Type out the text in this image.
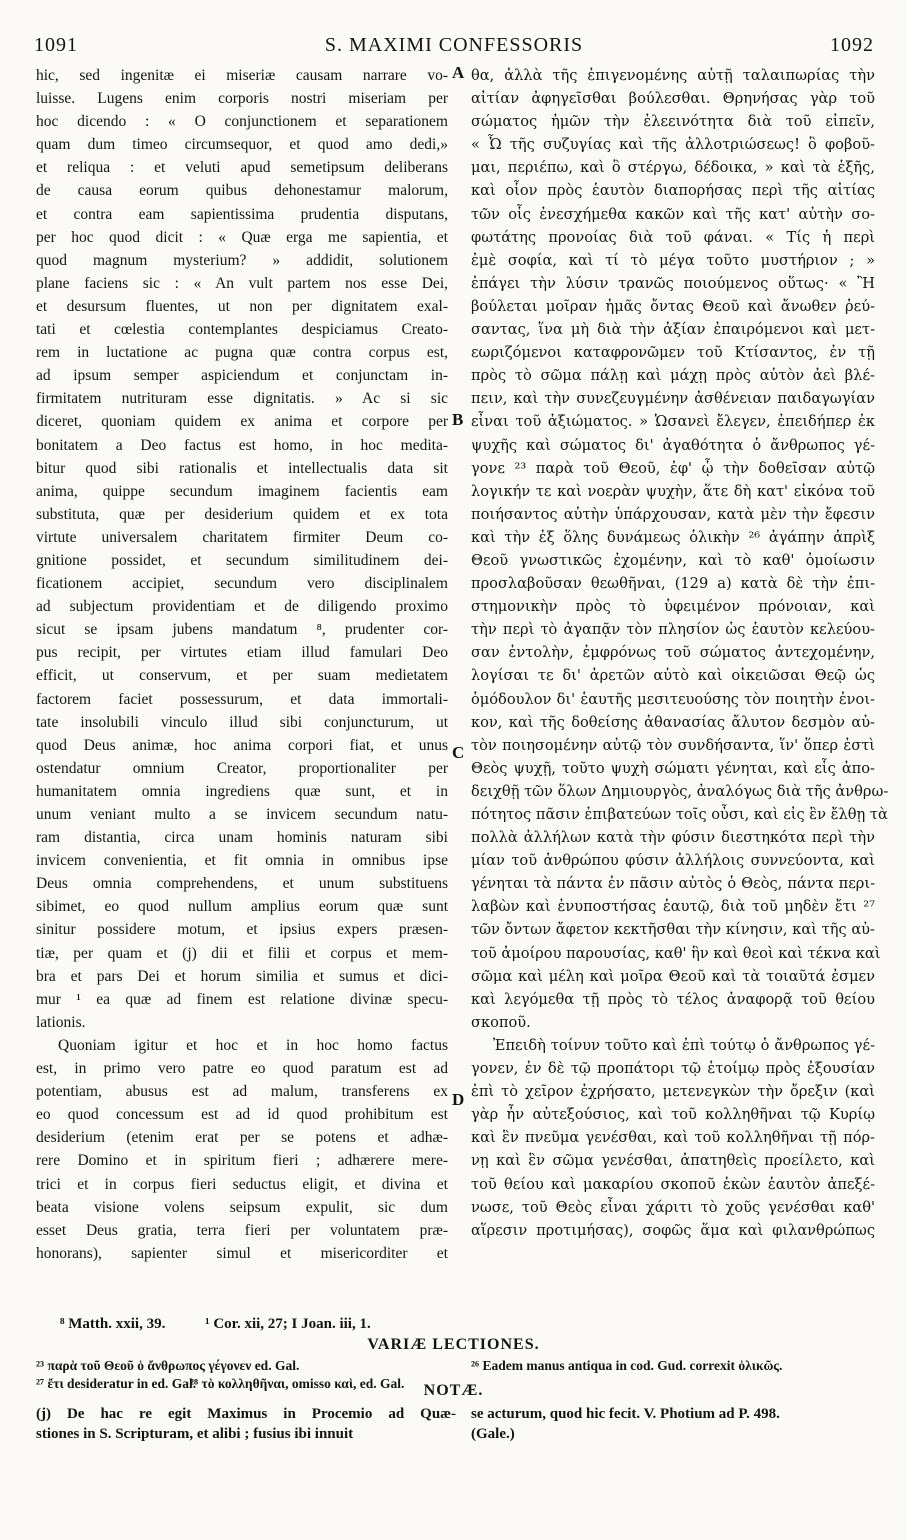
1091	S. MAXIMI CONFESSORIS	1092
hic, sed ingenitæ ei miseriæ causam narrare vo-
luisse. Lugens enim corporis nostri miseriam per
hoc dicendo : « O conjunctionem et separationem
quam dum timeo circumsequor, et quod amo dedi,»
et reliqua : et veluti apud semetipsum deliberans
de causa eorum quibus dehonestamur malorum,
et contra eam sapientissima prudentia disputans,
per hoc quod dicit : « Quæ erga me sapientia, et
quod magnum mysterium? » addidit, solutionem
plane faciens sic : « An vult partem nos esse Dei,
et desursum fluentes, ut non per dignitatem exal-
tati et cœlestia contemplantes despiciamus Creato-
rem in luctatione ac pugna quæ contra corpus est,
ad ipsum semper aspiciendum et conjunctam in-
firmitatem nutrituram esse dignitatis. » Ac si sic
diceret, quoniam quidem ex anima et corpore per
bonitatem a Deo factus est homo, in hoc medita-
bitur quod sibi rationalis et intellectualis data sit
anima, quippe secundum imaginem facientis eam
substituta, quæ per desiderium quidem et ex tota
virtute universalem charitatem firmiter Deum co-
gnitione possidet, et secundum similitudinem dei-
ficationem accipiet, secundum vero disciplinalem
ad subjectum providentiam et de diligendo proximo
sicut se ipsam jubens mandatum ⁸, prudenter cor-
pus recipit, per virtutes etiam illud famulari Deo
efficit, ut conservum, et per suam medietatem
factorem faciet possessurum, et data immortali-
tate insolubili vinculo illud sibi conjuncturum, ut
quod Deus animæ, hoc anima corpori fiat, et unus
ostendatur omnium Creator, proportionaliter per
humanitatem omnia ingrediens quæ sunt, et in
unum veniant multo a se invicem secundum natu-
ram distantia, circa unam hominis naturam sibi
invicem convenientia, et fit omnia in omnibus ipse
Deus omnia comprehendens, et unum substituens
sibimet, eo quod nullum amplius eorum quæ sunt
sinitur possidere motum, et ipsius expers præsen-
tiæ, per quam et (j) dii et filii et corpus et mem-
bra et pars Dei et horum similia et sumus et dici-
mur ¹ ea quæ ad finem est relatione divinæ specu-
lationis.
Quoniam igitur et hoc et in hoc homo factus
est, in primo vero patre eo quod paratum est ad
potentiam, abusus est ad malum, transferens ex
eo quod concessum est ad id quod prohibitum est
desiderium (etenim erat per se potens et adhæ-
rere Domino et in spiritum fieri ; adhærere mere-
trici et in corpus fieri seductus eligit, et divina et
beata visione volens seipsum expulit, sic dum
esset Deus gratia, terra fieri per voluntatem præ-
honorans), sapienter simul et misericorditer et
θα, ἀλλὰ τῆς ἐπιγενομένης αὐτῇ ταλαιπωρίας τὴν
αἰτίαν ἀφηγεῖσθαι βούλεσθαι. Θρηνήσας γὰρ τοῦ
σώματος ἡμῶν τὴν ἐλεεινότητα διὰ τοῦ εἰπεῖν,
« Ὦ τῆς συζυγίας καὶ τῆς ἀλλοτριώσεως! ὃ φοβοῦ-
μαι, περιέπω, καὶ ὃ στέργω, δέδοικα, » καὶ τὰ ἑξῆς,
καὶ οἷον πρὸς ἑαυτὸν διαπορήσας περὶ τῆς αἰτίας
τῶν οἷς ἐνεσχήμεθα κακῶν καὶ τῆς κατ' αὐτὴν σο-
φωτάτης προνοίας διὰ τοῦ φάναι. « Τίς ἡ περὶ
ἐμὲ σοφία, καὶ τί τὸ μέγα τοῦτο μυστήριον ; »
ἐπάγει τὴν λύσιν τρανῶς ποιούμενος οὕτως· « Ἢ
βούλεται μοῖραν ἡμᾶς ὄντας Θεοῦ καὶ ἄνωθεν ῥεύ-
σαντας, ἵνα μὴ διὰ τὴν ἀξίαν ἐπαιρόμενοι καὶ μετ-
εωριζόμενοι καταφρονῶμεν τοῦ Κτίσαντος, ἐν τῇ
πρὸς τὸ σῶμα πάλῃ καὶ μάχῃ πρὸς αὐτὸν ἀεὶ βλέ-
πειν, καὶ τὴν συνεζευγμένην ἀσθένειαν παιδαγωγίαν
εἶναι τοῦ ἀξιώματος. » Ὡσανεὶ ἔλεγεν, ἐπειδήπερ ἐκ
ψυχῆς καὶ σώματος δι' ἀγαθότητα ὁ ἄνθρωπος γέ-
γονε ²³ παρὰ τοῦ Θεοῦ, ἐφ' ᾧ τὴν δοθεῖσαν αὐτῷ
λογικήν τε καὶ νοερὰν ψυχὴν, ἅτε δὴ κατ' εἰκόνα τοῦ
ποιήσαντος αὐτὴν ὑπάρχουσαν, κατὰ μὲν τὴν ἔφεσιν
καὶ τὴν ἐξ ὅλης δυνάμεως ὁλικὴν ²⁶ ἀγάπην ἀπρὶξ
Θεοῦ γνωστικῶς ἐχομένην, καὶ τὸ καθ' ὁμοίωσιν
προσλαβοῦσαν θεωθῆναι, (129 a) κατὰ δὲ τὴν ἐπι-
στημονικὴν πρὸς τὸ ὑφειμένον πρόνοιαν, καὶ
τὴν περὶ τὸ ἀγαπᾷν τὸν πλησίον ὡς ἑαυτὸν κελεύου-
σαν ἐντολὴν, ἐμφρόνως τοῦ σώματος ἀντεχομένην,
λογίσαι τε δι' ἀρετῶν αὐτὸ καὶ οἰκειῶσαι Θεῷ ὡς
ὁμόδουλον δι' ἑαυτῆς μεσιτευούσης τὸν ποιητὴν ἐνοι-
κον, καὶ τῆς δοθείσης ἀθανασίας ἄλυτον δεσμὸν αὐ-
τὸν ποιησομένην αὐτῷ τὸν συνδήσαντα, ἵν' ὅπερ ἐστὶ
Θεὸς ψυχῇ, τοῦτο ψυχὴ σώματι γένηται, καὶ εἷς ἀπο-
δειχθῇ τῶν ὅλων Δημιουργὸς, ἀναλόγως διὰ τῆς ἀνθρω-
πότητος πᾶσιν ἐπιβατεύων τοῖς οὖσι, καὶ εἰς ἓν ἔλθῃ τὰ
πολλὰ ἀλλήλων κατὰ τὴν φύσιν διεστηκότα περὶ τὴν
μίαν τοῦ ἀνθρώπου φύσιν ἀλλήλοις συννεύοντα, καὶ
γένηται τὰ πάντα ἐν πᾶσιν αὐτὸς ὁ Θεὸς, πάντα περι-
λαβὼν καὶ ἐνυποστήσας ἑαυτῷ, διὰ τοῦ μηδὲν ἔτι ²⁷
τῶν ὄντων ἄφετον κεκτῆσθαι τὴν κίνησιν, καὶ τῆς αὐ-
τοῦ ἀμοίρου παρουσίας, καθ' ἣν καὶ θεοὶ καὶ τέκνα καὶ
σῶμα καὶ μέλη καὶ μοῖρα Θεοῦ καὶ τὰ τοιαῦτά ἐσμεν
καὶ λεγόμεθα τῇ πρὸς τὸ τέλος ἀναφορᾷ τοῦ θείου
σκοποῦ.
Ἐπειδὴ τοίνυν τοῦτο καὶ ἐπὶ τούτῳ ὁ ἄνθρωπος γέ-
γονεν, ἐν δὲ τῷ προπάτορι τῷ ἑτοίμῳ πρὸς ἐξουσίαν
ἐπὶ τὸ χεῖρον ἐχρήσατο, μετενεγκὼν τὴν ὄρεξιν (καὶ
γὰρ ἦν αὐτεξούσιος, καὶ τοῦ κολληθῆναι τῷ Κυρίῳ
καὶ ἓν πνεῦμα γενέσθαι, καὶ τοῦ κολληθῆναι τῇ πόρ-
νῃ καὶ ἓν σῶμα γενέσθαι, ἀπατηθεὶς προείλετο, καὶ
τοῦ θείου καὶ μακαρίου σκοποῦ ἑκὼν ἑαυτὸν ἀπεξέ-
νωσε, τοῦ Θεὸς εἶναι χάριτι τὸ χοῦς γενέσθαι καθ'
αἵρεσιν προτιμήσας), σοφῶς ἅμα καὶ φιλανθρώπως
A
B
C
D
⁸ Matth. xxii, 39.	¹ Cor. xii, 27; I Joan. iii, 1.
VARIÆ LECTIONES.
²³ παρὰ τοῦ Θεοῦ ὁ ἄνθρωπος γέγονεν ed. Gal.	²⁶ Eadem manus antiqua in cod. Gud. correxit ὁλικῶς.
²⁷ ἔτι desideratur in ed. Gal.
²⁸ τὸ κολληθῆναι, omisso καὶ, ed. Gal.	NOTÆ.
(j) De hac re egit Maximus in Procemio ad Quæ-
stiones in S. Scripturam, et alibi ; fusius ibi innuit
se acturum, quod hic fecit. V. Photium ad P. 498.
(Gale.)
